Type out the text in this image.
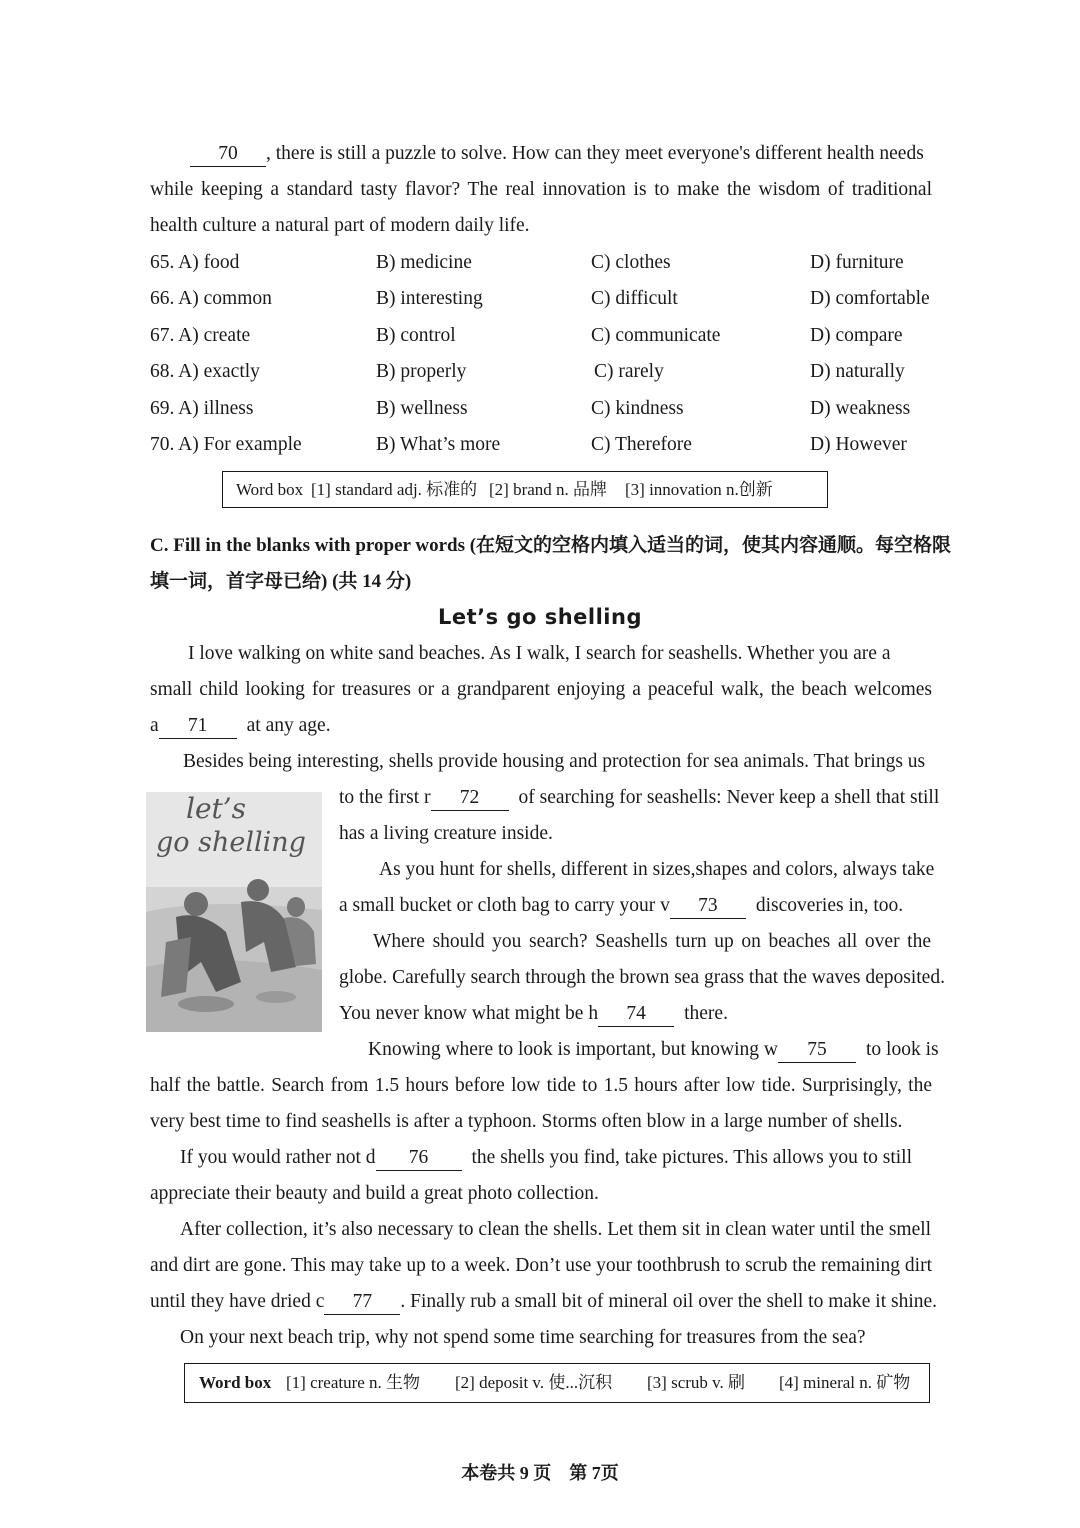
70 , there is still a puzzle to solve. How can they meet everyone's different health needs
while keeping a standard tasty flavor? The real innovation is to make the wisdom of traditional
health culture a natural part of modern daily life.
65. A) food	B) medicine	C) clothes	D) furniture
66. A) common	B) interesting	C) difficult	D) comfortable
67. A) create	B) control	C) communicate	D) compare
68. A) exactly	B) properly	C) rarely	D) naturally
69. A) illness	B) wellness	C) kindness	D) weakness
70. A) For example	B) What’s more	C) Therefore	D) However
Word box [1] standard adj. 标准的 [2] brand n. 品牌 [3] innovation n.创新
C. Fill in the blanks with proper words (在短文的空格内填入适当的词，使其内容通顺。每空格限
填一词，首字母已给) (共 14 分)
Let’s go shelling
I love walking on white sand beaches. As I walk, I search for seashells. Whether you are a
small child looking for treasures or a grandparent enjoying a peaceful walk, the beach welcomes
a 71 at any age.
Besides being interesting, shells provide housing and protection for sea animals. That brings us
let’s
go shelling
to the first r 72 of searching for seashells: Never keep a shell that still
has a living creature inside.
As you hunt for shells, different in sizes,shapes and colors, always take
a small bucket or cloth bag to carry your v 73 discoveries in, too.
Where should you search? Seashells turn up on beaches all over the
globe. Carefully search through the brown sea grass that the waves deposited.
You never know what might be h 74 there.
Knowing where to look is important, but knowing w 75 to look is
half the battle. Search from 1.5 hours before low tide to 1.5 hours after low tide. Surprisingly, the
very best time to find seashells is after a typhoon. Storms often blow in a large number of shells.
If you would rather not d 76 the shells you find, take pictures. This allows you to still
appreciate their beauty and build a great photo collection.
After collection, it’s also necessary to clean the shells. Let them sit in clean water until the smell
and dirt are gone. This may take up to a week. Don’t use your toothbrush to scrub the remaining dirt
until they have dried c 77 . Finally rub a small bit of mineral oil over the shell to make it shine.
On your next beach trip, why not spend some time searching for treasures from the sea?
Word box [1] creature n. 生物 [2] deposit v. 使...沉积 [3] scrub v. 刷 [4] mineral n. 矿物
本卷共 9 页　第 7页
